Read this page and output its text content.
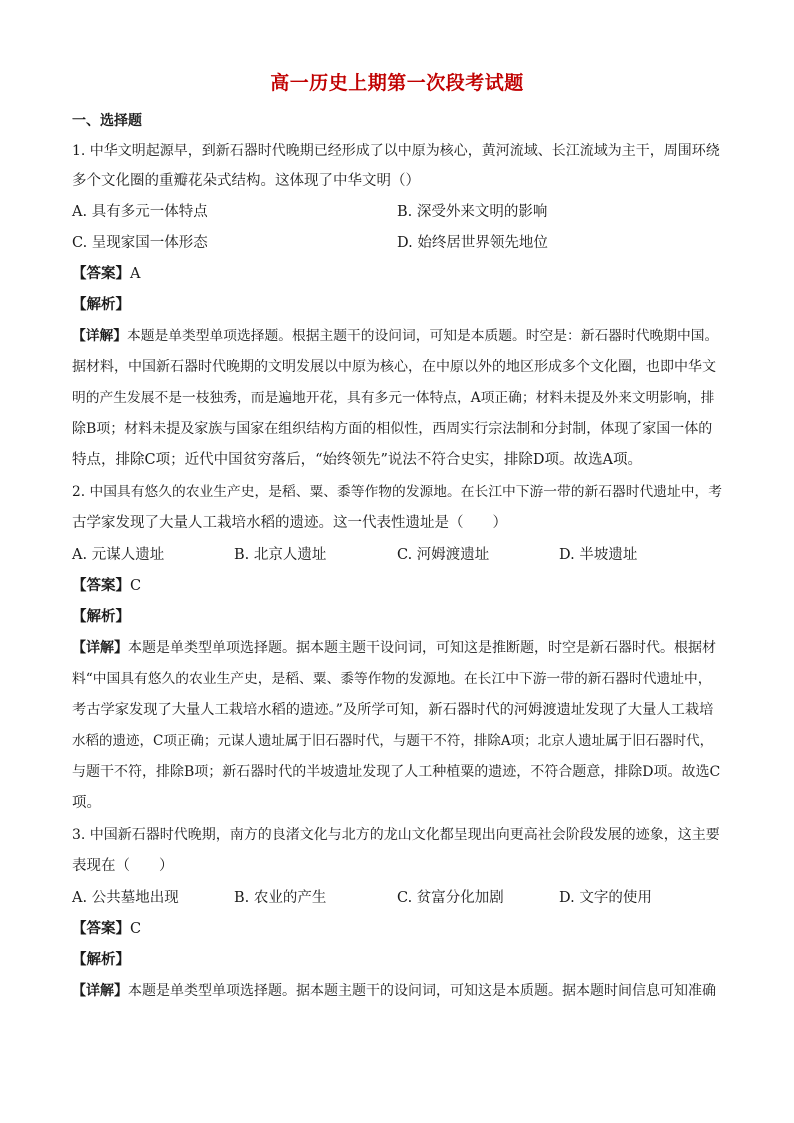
高一历史上期第一次段考试题
一、选择题
1. 中华文明起源早，到新石器时代晚期已经形成了以中原为核心，黄河流域、长江流域为主干，周围环绕
多个文化圈的重瓣花朵式结构。这体现了中华文明（）
A. 具有多元一体特点	B. 深受外来文明的影响
C. 呈现家国一体形态	D. 始终居世界领先地位
【答案】A
【解析】
【详解】本题是单类型单项选择题。根据主题干的设问词，可知是本质题。时空是：新石器时代晚期中国。
据材料，中国新石器时代晚期的文明发展以中原为核心，在中原以外的地区形成多个文化圈，也即中华文
明的产生发展不是一枝独秀，而是遍地开花，具有多元一体特点，A项正确；材料未提及外来文明影响，排
除B项；材料未提及家族与国家在组织结构方面的相似性，西周实行宗法制和分封制，体现了家国一体的
特点，排除C项；近代中国贫穷落后，“始终领先”说法不符合史实，排除D项。故选A项。
2. 中国具有悠久的农业生产史，是稻、粟、黍等作物的发源地。在长江中下游一带的新石器时代遗址中，考
古学家发现了大量人工栽培水稻的遗迹。这一代表性遗址是（　　）
A. 元谋人遗址	B. 北京人遗址	C. 河姆渡遗址	D. 半坡遗址
【答案】C
【解析】
【详解】本题是单类型单项选择题。据本题主题干设问词，可知这是推断题，时空是新石器时代。根据材
料“中国具有悠久的农业生产史，是稻、粟、黍等作物的发源地。在长江中下游一带的新石器时代遗址中，
考古学家发现了大量人工栽培水稻的遗迹。”及所学可知，新石器时代的河姆渡遗址发现了大量人工栽培
水稻的遗迹，C项正确；元谋人遗址属于旧石器时代，与题干不符，排除A项；北京人遗址属于旧石器时代，
与题干不符，排除B项；新石器时代的半坡遗址发现了人工种植粟的遗迹，不符合题意，排除D项。故选C
项。
3. 中国新石器时代晚期，南方的良渚文化与北方的龙山文化都呈现出向更高社会阶段发展的迹象，这主要
表现在（　　）
A. 公共墓地出现	B. 农业的产生	C. 贫富分化加剧	D. 文字的使用
【答案】C
【解析】
【详解】本题是单类型单项选择题。据本题主题干的设问词，可知这是本质题。据本题时间信息可知准确
